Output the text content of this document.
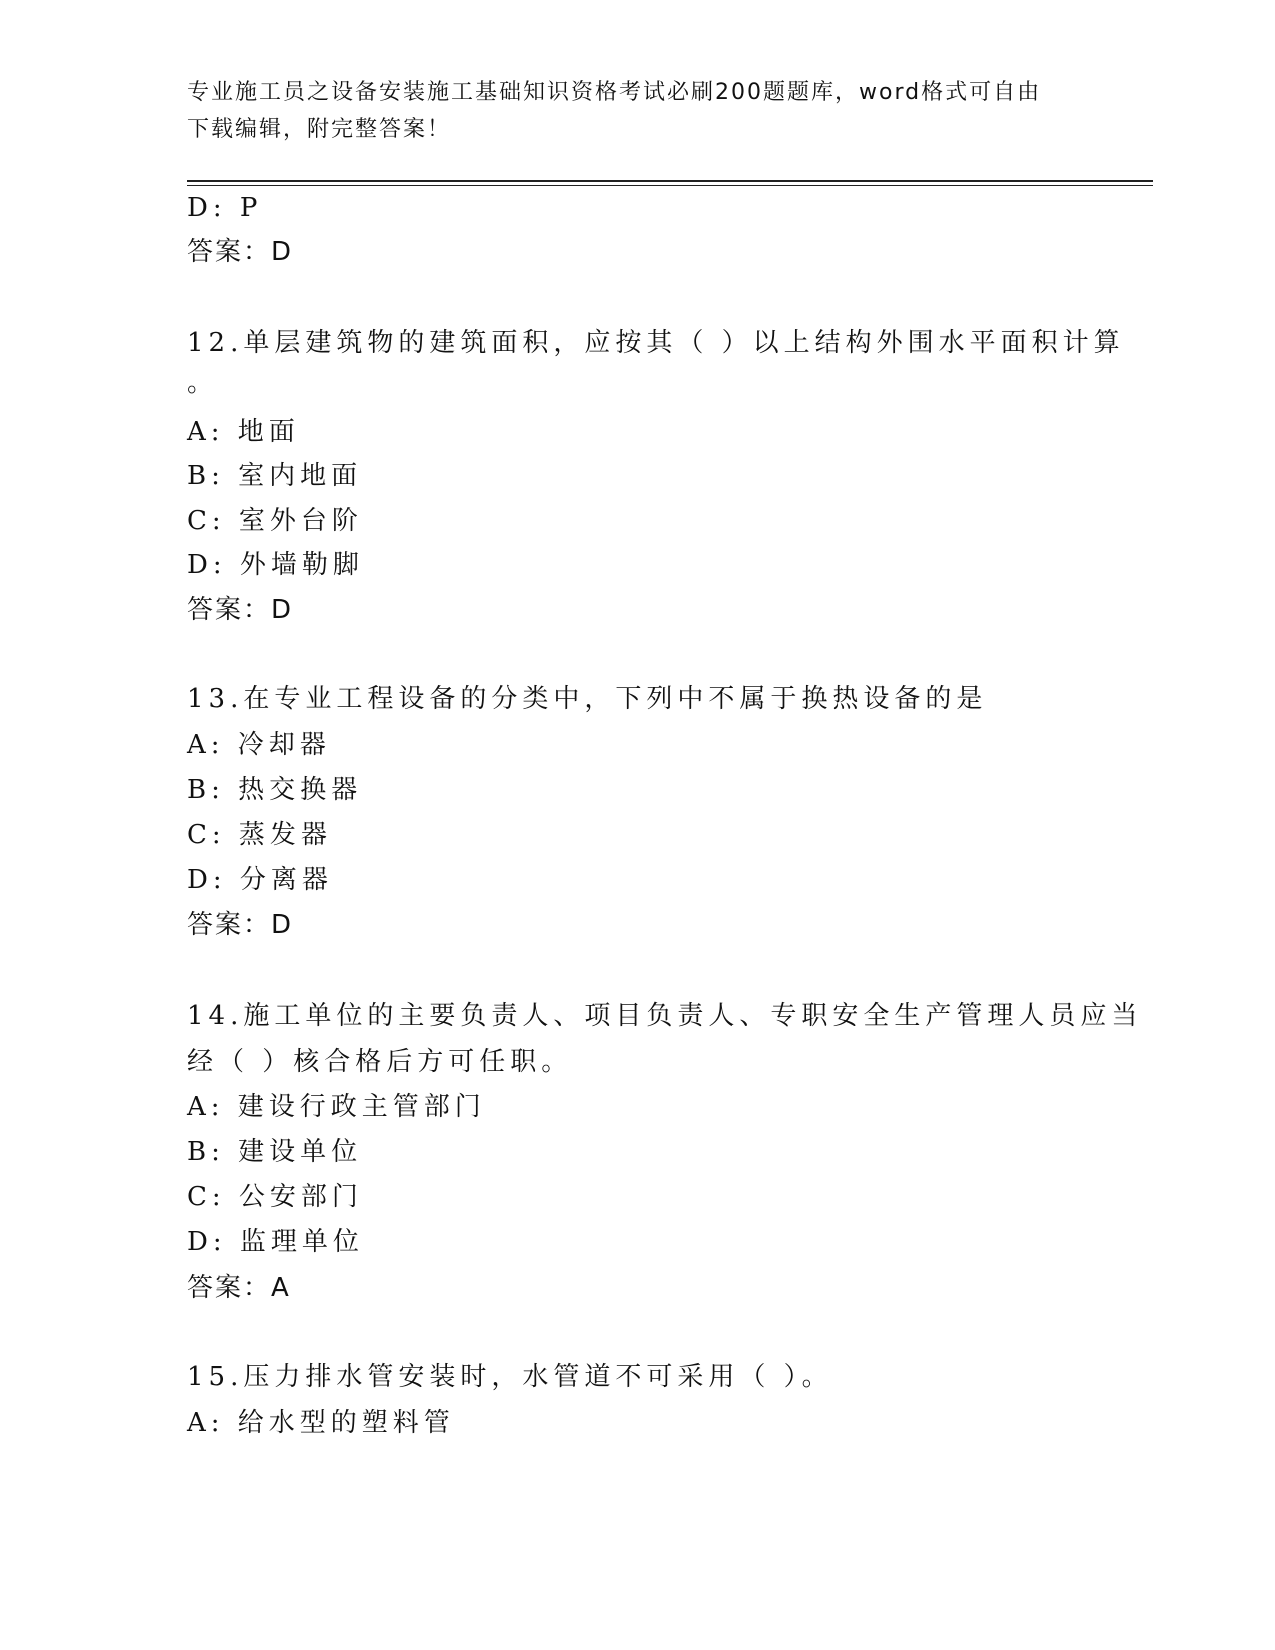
专业施工员之设备安装施工基础知识资格考试必刷200题题库，word格式可自由
下载编辑，附完整答案！
D: P
答案：D
12.单层建筑物的建筑面积，应按其（ ）以上结构外围水平面积计算
。
A: 地面
B: 室内地面
C: 室外台阶
D: 外墙勒脚
答案：D
13.在专业工程设备的分类中，下列中不属于换热设备的是
A: 冷却器
B: 热交换器
C: 蒸发器
D: 分离器
答案：D
14.施工单位的主要负责人、项目负责人、专职安全生产管理人员应当
经（ ）核合格后方可任职。
A: 建设行政主管部门
B: 建设单位
C: 公安部门
D: 监理单位
答案：A
15.压力排水管安装时，水管道不可采用（ ）。
A: 给水型的塑料管
